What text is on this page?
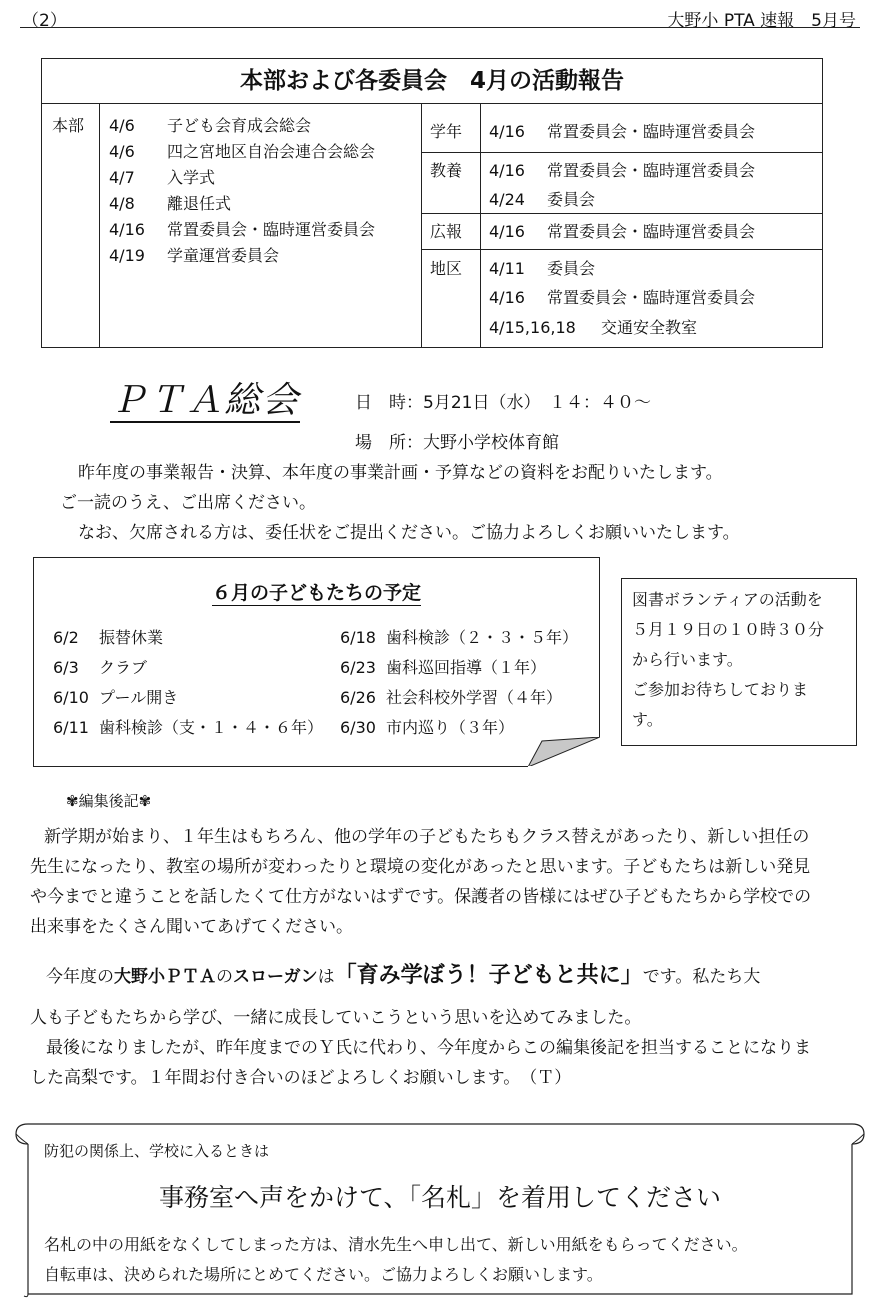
（2）	大野小 PTA 速報　5月号
本部および各委員会　4月の活動報告
本部 4/6 子ども会育成会総会
4/6 四之宮地区自治会連合会総会
4/7 入学式
4/8 離退任式
4/16 常置委員会・臨時運営委員会
4/19 学童運営委員会
学年 4/16 常置委員会・臨時運営委員会
教養 4/16 常置委員会・臨時運営委員会
4/24 委員会
広報 4/16 常置委員会・臨時運営委員会
地区 4/11 委員会
4/16 常置委員会・臨時運営委員会
4/15,16,18 交通安全教室
ＰＴＡ総会	日　時：5月21日（水）　１４：４０～
場　所：大野小学校体育館
昨年度の事業報告・決算、本年度の事業計画・予算などの資料をお配りいたします。
ご一読のうえ、ご出席ください。
なお、欠席される方は、委任状をご提出ください。ご協力よろしくお願いいたします。
６月の子どもたちの予定
6/2 振替休業
6/3 クラブ
6/10 プール開き
6/11 歯科検診（支・１・４・６年）
6/18 歯科検診（２・３・５年）
6/23 歯科巡回指導（１年）
6/26 社会科校外学習（４年）
6/30 市内巡り（３年）
図書ボランティアの活動を
５月１９日の１０時３０分
から行います。
ご参加お待ちしておりま
す。
✾編集後記✾
新学期が始まり、１年生はもちろん、他の学年の子どもたちもクラス替えがあったり、新しい担任の
先生になったり、教室の場所が変わったりと環境の変化があったと思います。子どもたちは新しい発見
や今までと違うことを話したくて仕方がないはずです。保護者の皆様にはぜひ子どもたちから学校での
出来事をたくさん聞いてあげてください。
今年度の大野小ＰＴＡのスローガンは「育み学ぼう！子どもと共に」です。私たち大
人も子どもたちから学び、一緒に成長していこうという思いを込めてみました。
最後になりましたが、昨年度までのＹ氏に代わり、今年度からこの編集後記を担当することになりま
した高梨です。１年間お付き合いのほどよろしくお願いします。　（Ｔ）
防犯の関係上、学校に入るときは
事務室へ声をかけて、「名札」を着用してください
名札の中の用紙をなくしてしまった方は、清水先生へ申し出て、新しい用紙をもらってください。
自転車は、決められた場所にとめてください。ご協力よろしくお願いします。
